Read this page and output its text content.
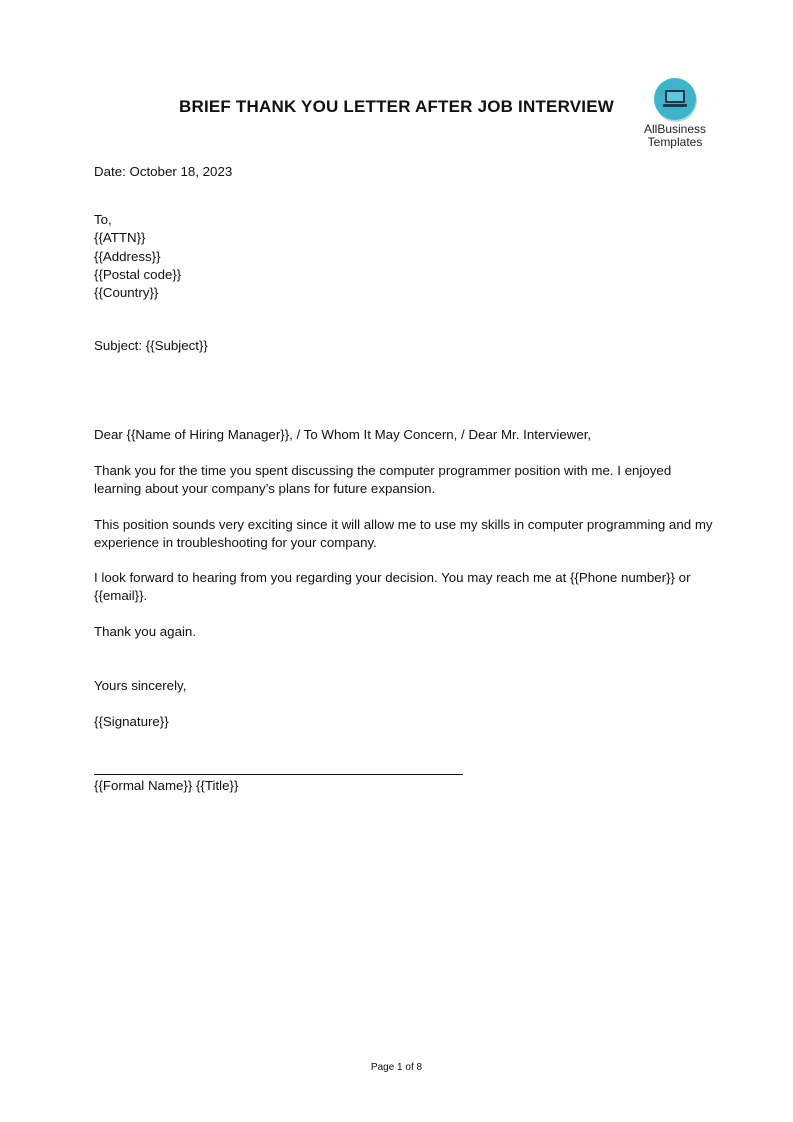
BRIEF THANK YOU LETTER AFTER JOB INTERVIEW
AllBusiness
Templates
Date: October 18, 2023

To,

{{ATTN}}

{{Address}}

{{Postal code}}

{{Country}}

Subject: {{Subject}}
Dear {{Name of Hiring Manager}}, / To Whom It May Concern, / Dear Mr. Interviewer,
Thank you for the time you spent discussing the computer programmer position with me. I enjoyed learning about your company’s plans for future expansion.
This position sounds very exciting since it will allow me to use my skills in computer programming and my experience in troubleshooting for your company.
I look forward to hearing from you regarding your decision. You may reach me at {{Phone number}} or {{email}}.
Thank you again.
Yours sincerely,
{{Signature}}
{{Formal Name}} {{Title}}
Page 1 of 8
